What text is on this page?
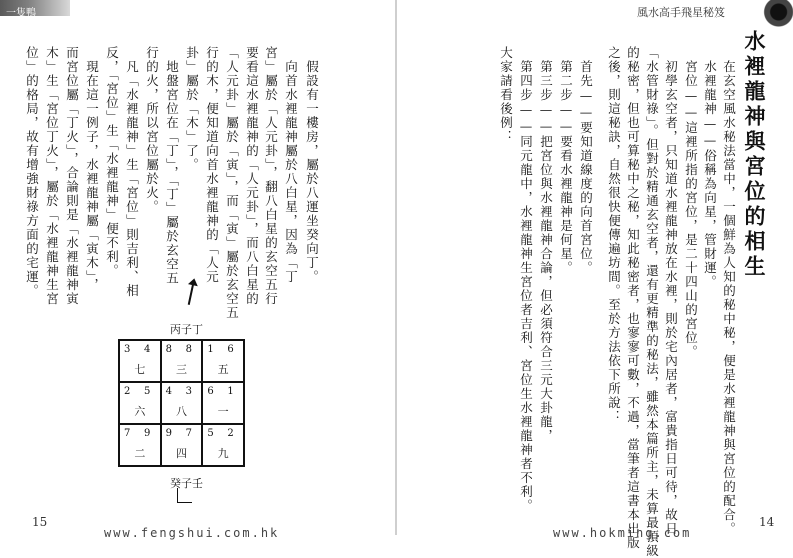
一隻鴨
假設有一樓房，屬於八運坐癸向丁。
向首水裡龍神屬於八白星，因為「丁
宮」屬於「人元卦」，翻八白星的玄空五行
要看這水裡龍神的「人元卦」，而八白星的
「人元卦」屬於「寅」，而「寅」屬於玄空五
行的木，便知道向首水裡龍神的「人元
卦」屬於「木」了。
地盤宮位在「丁」，「丁」屬於玄空五
行的火，所以宮位屬於火。
凡「水裡龍神」生「宮位」則吉利、相
反，「宮位」生「水裡龍神」便不利。
現在這一例子，水裡龍神屬「寅木」，
而宮位屬「丁火」，合論則是「水裡龍神寅
木」生「宮位丁火」，屬於「水裡龍神生宮
位」的格局，故有增強財祿方面的宅運。
丙子丁
3 4
七
8 8
三
1 6
五
2 5
六
4 3
八
6 1
一
7 9
二
9 7
四
5 2
九
癸子壬
15
www.fengshui.com.hk
風水高手飛星秘笈
水裡龍神與宮位的相生
在玄空風水秘法當中，一個鮮為人知的秘中秘，便是水裡龍神與宮位的配合。
水裡龍神——俗稱為向星，管財運。
宮位——這裡所指的宮位，是二十四山的宮位。
初學玄空者，只知道水裡龍神放在水裡，則於宅內居者，富貴指日可待，故日
「水管財祿」。但對於精通玄空者，還有更精準的秘法，雖然本篇所主，未算最頂級
的秘密，但也可算秘中之秘，知此秘密者，也寥寥可數，不過，當筆者這書本出版
之後，則這秘訣，自然很快便傳遍坊間。至於方法依下所說：
首先——要知道線度的向首宮位。
第二步——要看水裡龍神是何星。
第三步——把宮位與水裡龍神合論，但必須符合三元大卦龍，
第四步——同元龍中，水裡龍神生宮位者吉利、宮位生水裡龍神者不利。
大家請看後例：
14
www.hokming.com
